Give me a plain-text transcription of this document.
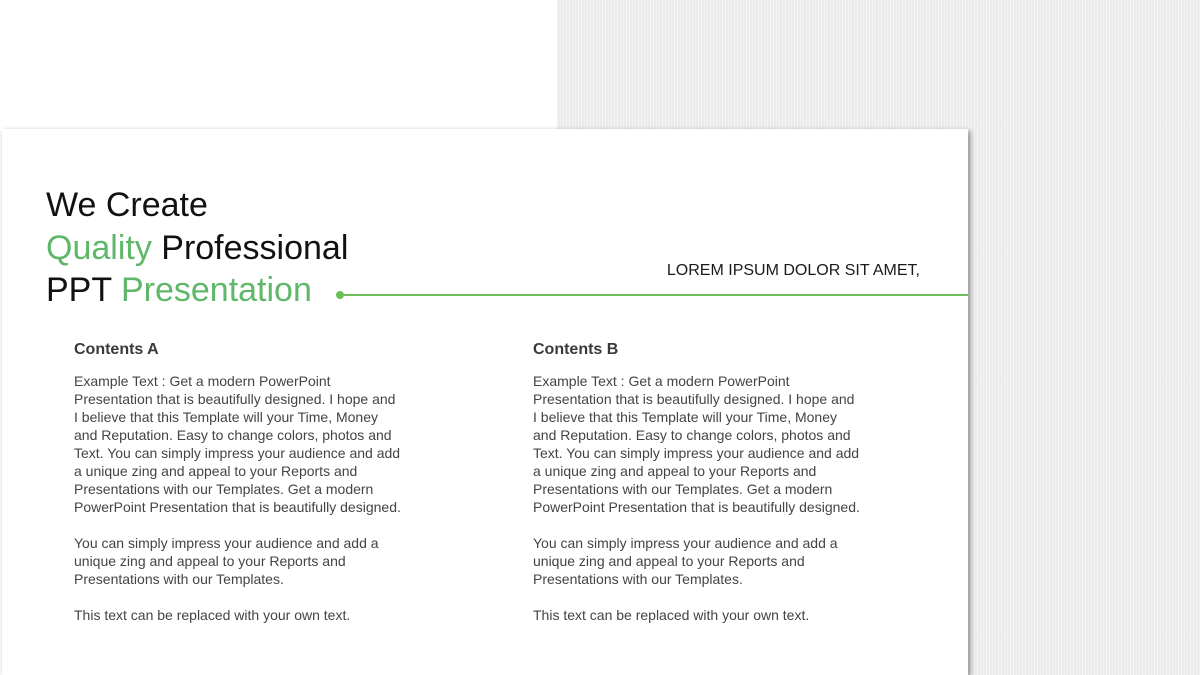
We Create
Quality Professional
PPT Presentation
LOREM IPSUM DOLOR SIT AMET,
Contents A

Example Text : Get a modern PowerPoint
Presentation that is beautifully designed. I hope and
I believe that this Template will your Time, Money
and Reputation. Easy to change colors, photos and
Text. You can simply impress your audience and add
a unique zing and appeal to your Reports and
Presentations with our Templates. Get a modern
PowerPoint Presentation that is beautifully designed.

You can simply impress your audience and add a
unique zing and appeal to your Reports and
Presentations with our Templates.

This text can be replaced with your own text.

Contents B

Example Text : Get a modern PowerPoint
Presentation that is beautifully designed. I hope and
I believe that this Template will your Time, Money
and Reputation. Easy to change colors, photos and
Text. You can simply impress your audience and add
a unique zing and appeal to your Reports and
Presentations with our Templates. Get a modern
PowerPoint Presentation that is beautifully designed.

You can simply impress your audience and add a
unique zing and appeal to your Reports and
Presentations with our Templates.

This text can be replaced with your own text.
